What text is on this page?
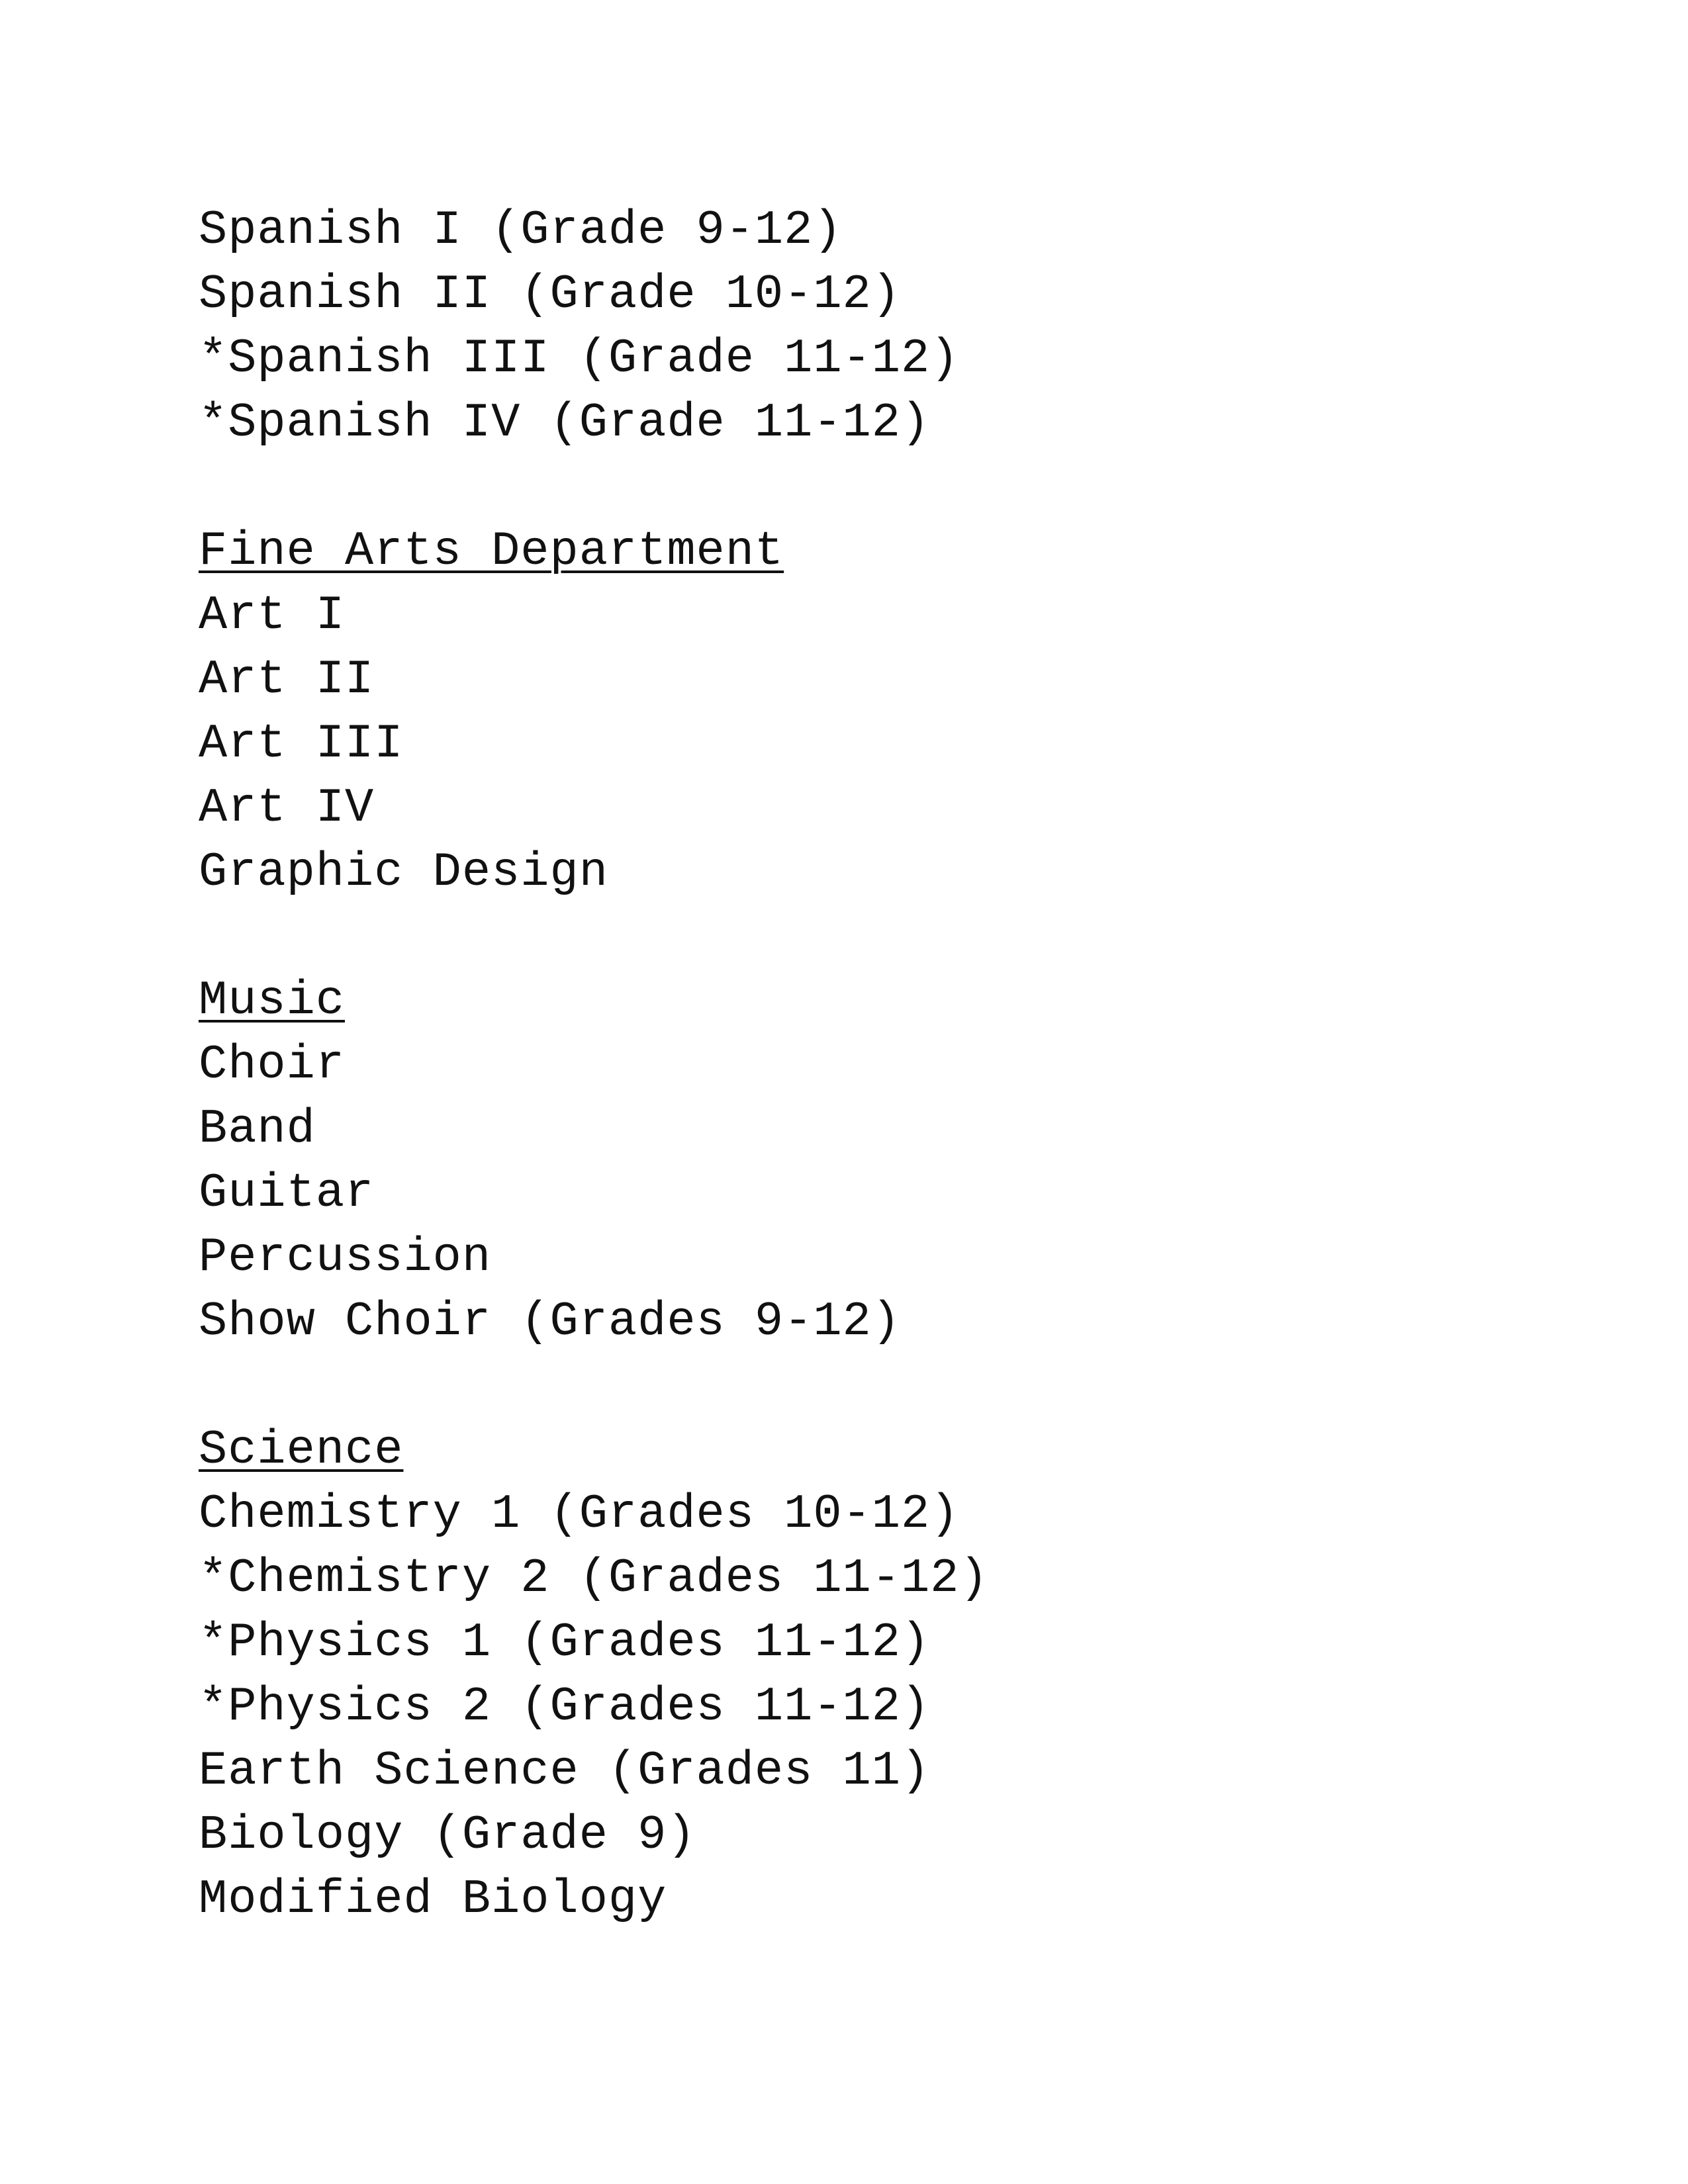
Spanish I (Grade 9-12)
Spanish II (Grade 10-12)
*Spanish III (Grade 11-12)
*Spanish IV (Grade 11-12)
Fine Arts Department
Art I
Art II
Art III
Art IV
Graphic Design
Music
Choir
Band
Guitar
Percussion
Show Choir (Grades 9-12)
Science
Chemistry 1 (Grades 10-12)
*Chemistry 2 (Grades 11-12)
*Physics 1 (Grades 11-12)
*Physics 2 (Grades 11-12)
Earth Science (Grades 11)
Biology (Grade 9)
Modified Biology
